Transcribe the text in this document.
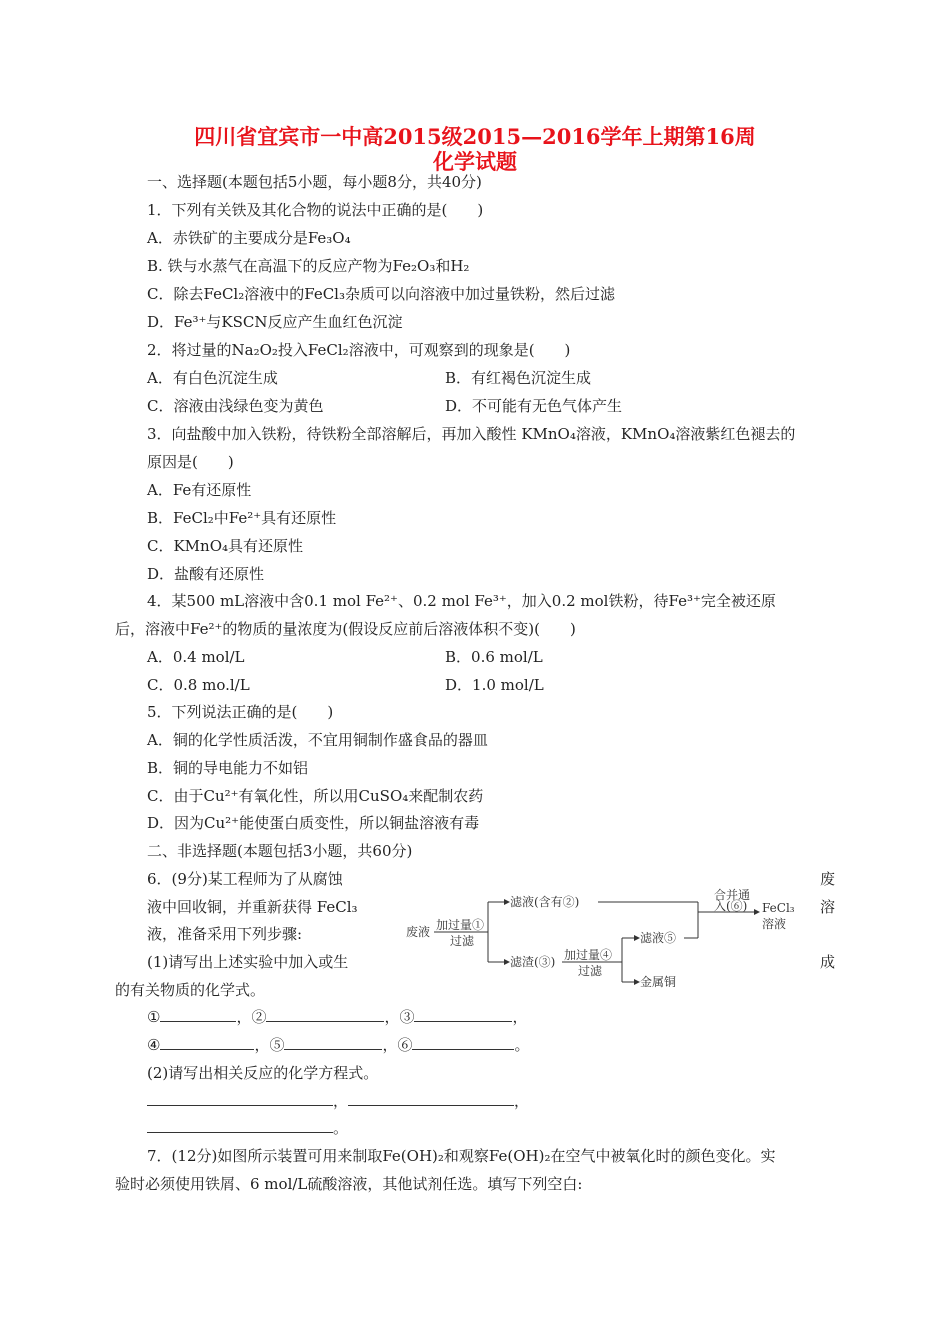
四川省宜宾市一中高2015级2015—2016学年上期第16周
化学试题
一、选择题(本题包括5小题，每小题8分，共40分)
1．下列有关铁及其化合物的说法中正确的是(　　)
A．赤铁矿的主要成分是Fe₃O₄
B. 铁与水蒸气在高温下的反应产物为Fe₂O₃和H₂
C．除去FeCl₂溶液中的FeCl₃杂质可以向溶液中加过量铁粉，然后过滤
D．Fe³⁺与KSCN反应产生血红色沉淀
2．将过量的Na₂O₂投入FeCl₂溶液中，可观察到的现象是(　　)
A．有白色沉淀生成	B．有红褐色沉淀生成
C．溶液由浅绿色变为黄色	D．不可能有无色气体产生
3．向盐酸中加入铁粉，待铁粉全部溶解后，再加入酸性 KMnO₄溶液，KMnO₄溶液紫红色褪去的
原因是(　　)
A．Fe有还原性
B．FeCl₂中Fe²⁺具有还原性
C．KMnO₄具有还原性
D．盐酸有还原性
4．某500 mL溶液中含0.1 mol Fe²⁺、0.2 mol Fe³⁺，加入0.2 mol铁粉，待Fe³⁺完全被还原
后，溶液中Fe²⁺的物质的量浓度为(假设反应前后溶液体积不变)(　　)
A．0.4 mol/L	B．0.6 mol/L
C．0.8 mo.l/L	D．1.0 mol/L
5．下列说法正确的是(　　)
A．铜的化学性质活泼，不宜用铜制作盛食品的器皿
B．铜的导电能力不如铝
C．由于Cu²⁺有氧化性，所以用CuSO₄来配制农药
D．因为Cu²⁺能使蛋白质变性，所以铜盐溶液有毒
二、非选择题(本题包括3小题，共60分)
6．(9分)某工程师为了从腐蚀	废
液中回收铜，并重新获得 FeCl₃	溶
液，准备采用下列步骤:
(1)请写出上述实验中加入或生	成
的有关物质的化学式。
废液 加过量①
过滤
滤液(含有②)
滤渣(③) 加过量④
过滤
滤液⑤
金属铜
合并通
入(⑥) FeCl₃
溶液
①	，②	，③	，
④	，⑤	，⑥	。
(2)请写出相关反应的化学方程式。
，	，
。
7．(12分)如图所示装置可用来制取Fe(OH)₂和观察Fe(OH)₂在空气中被氧化时的颜色变化。实
验时必须使用铁屑、6 mol/L硫酸溶液，其他试剂任选。填写下列空白:
